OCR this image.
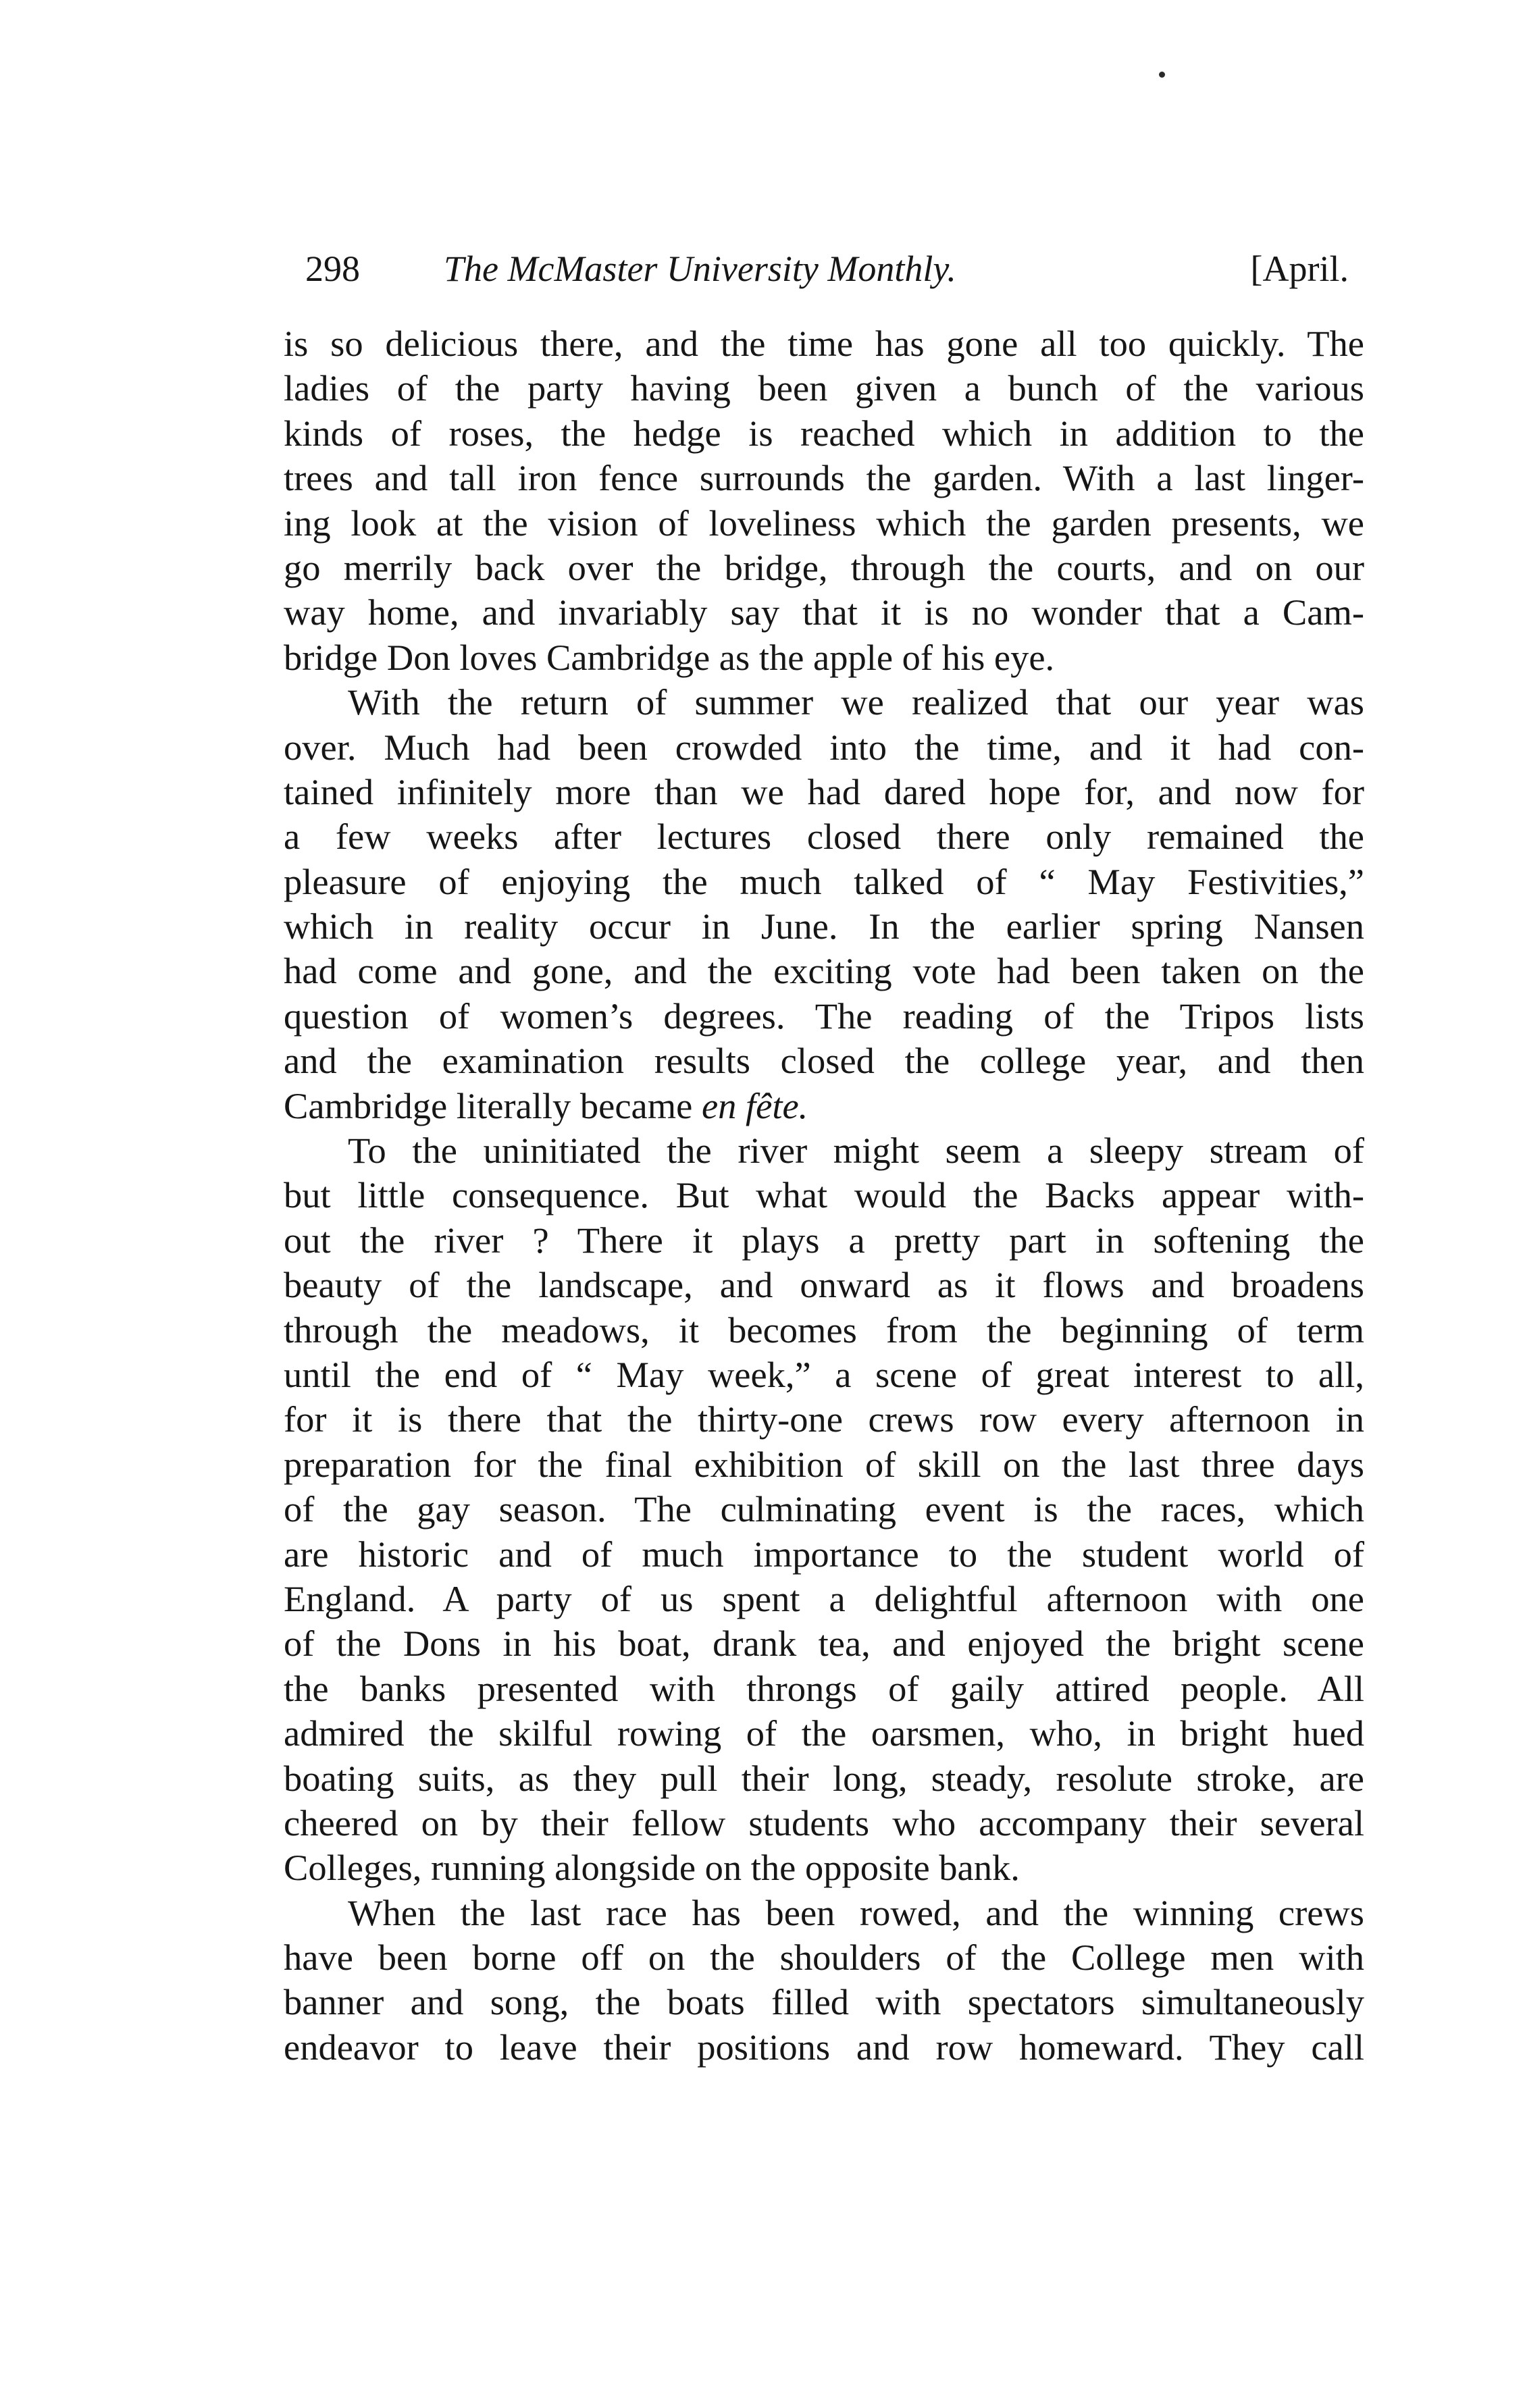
298 The McMaster University Monthly.	[April.
is so delicious there, and the time has gone all too quickly. The
ladies of the party having been given a bunch of the various
kinds of roses, the hedge is reached which in addition to the
trees and tall iron fence surrounds the garden. With a last linger-
ing look at the vision of loveliness which the garden presents, we
go merrily back over the bridge, through the courts, and on our
way home, and invariably say that it is no wonder that a Cam-
bridge Don loves Cambridge as the apple of his eye.
With the return of summer we realized that our year was
over. Much had been crowded into the time, and it had con-
tained infinitely more than we had dared hope for, and now for
a few weeks after lectures closed there only remained the
pleasure of enjoying the much talked of “ May Festivities,”
which in reality occur in June. In the earlier spring Nansen
had come and gone, and the exciting vote had been taken on the
question of women’s degrees. The reading of the Tripos lists
and the examination results closed the college year, and then
Cambridge literally became en fête.
To the uninitiated the river might seem a sleepy stream of
but little consequence. But what would the Backs appear with-
out the river ? There it plays a pretty part in softening the
beauty of the landscape, and onward as it flows and broadens
through the meadows, it becomes from the beginning of term
until the end of “ May week,” a scene of great interest to all,
for it is there that the thirty-one crews row every afternoon in
preparation for the final exhibition of skill on the last three days
of the gay season. The culminating event is the races, which
are historic and of much importance to the student world of
England. A party of us spent a delightful afternoon with one
of the Dons in his boat, drank tea, and enjoyed the bright scene
the banks presented with throngs of gaily attired people. All
admired the skilful rowing of the oarsmen, who, in bright hued
boating suits, as they pull their long, steady, resolute stroke, are
cheered on by their fellow students who accompany their several
Colleges, running alongside on the opposite bank.
When the last race has been rowed, and the winning crews
have been borne off on the shoulders of the College men with
banner and song, the boats filled with spectators simultaneously
endeavor to leave their positions and row homeward. They call
